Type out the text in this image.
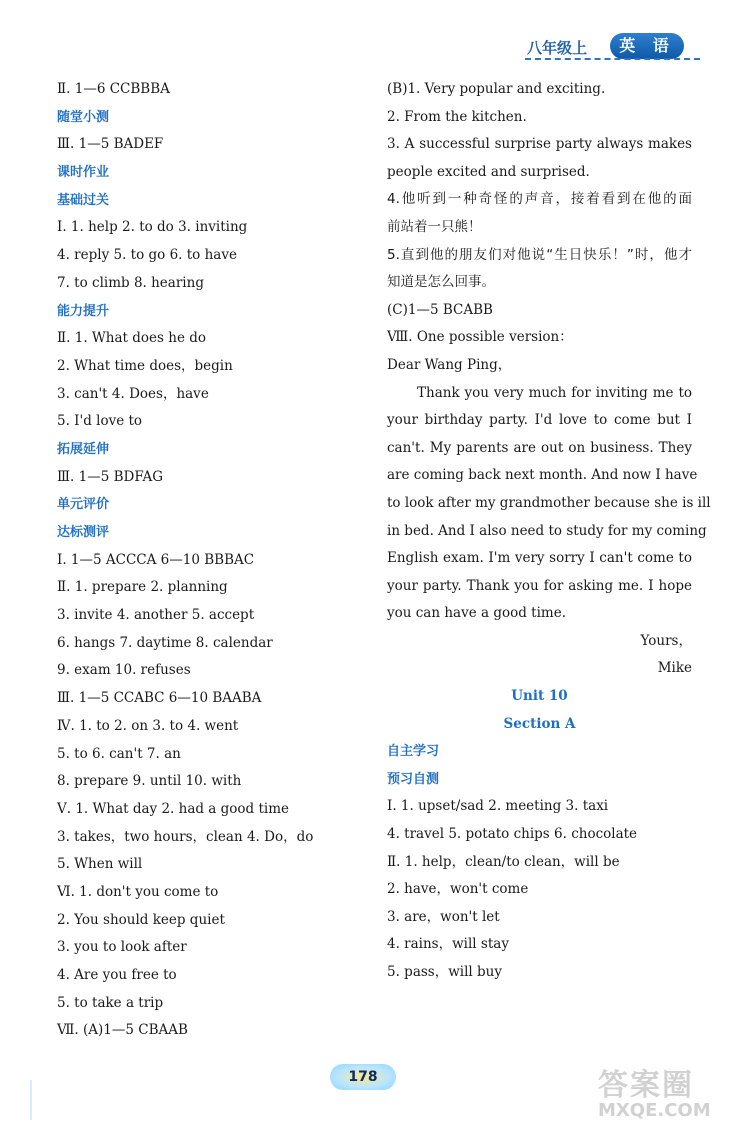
八年级上	英 语
Ⅱ. 1—6 CCBBBA
随堂小测
Ⅲ. 1—5 BADEF
课时作业
基础过关
Ⅰ. 1. help 2. to do 3. inviting
4. reply 5. to go 6. to have
7. to climb 8. hearing
能力提升
Ⅱ. 1. What does he do
2. What time does，begin
3. can't 4. Does，have
5. I'd love to
拓展延伸
Ⅲ. 1—5 BDFAG
单元评价
达标测评
Ⅰ. 1—5 ACCCA 6—10 BBBAC
Ⅱ. 1. prepare 2. planning
3. invite 4. another 5. accept
6. hangs 7. daytime 8. calendar
9. exam 10. refuses
Ⅲ. 1—5 CCABC 6—10 BAABA
Ⅳ. 1. to 2. on 3. to 4. went
5. to 6. can't 7. an
8. prepare 9. until 10. with
Ⅴ. 1. What day 2. had a good time
3. takes，two hours，clean 4. Do，do
5. When will
Ⅵ. 1. don't you come to
2. You should keep quiet
3. you to look after
4. Are you free to
5. to take a trip
Ⅶ. (A)1—5 CBAAB
(B)1. Very popular and exciting.
2. From the kitchen.
3. A successful surprise party always makes
people excited and surprised.
4.他听到一种奇怪的声音，接着看到在他的面
前站着一只熊！
5.直到他的朋友们对他说“生日快乐！”时，他才
知道是怎么回事。
(C)1—5 BCABB
Ⅷ. One possible version：
Dear Wang Ping，
Thank you very much for inviting me to
your birthday party. I'd love to come but I
can't. My parents are out on business. They
are coming back next month. And now I have
to look after my grandmother because she is ill
in bed. And I also need to study for my coming
English exam. I'm very sorry I can't come to
your party. Thank you for asking me. I hope
you can have a good time.
Yours，
Mike
Unit 10
Section A
自主学习
预习自测
Ⅰ. 1. upset/sad 2. meeting 3. taxi
4. travel 5. potato chips 6. chocolate
Ⅱ. 1. help，clean/to clean，will be
2. have，won't come
3. are，won't let
4. rains，will stay
5. pass，will buy
178	答案圈
MXQE.COM
